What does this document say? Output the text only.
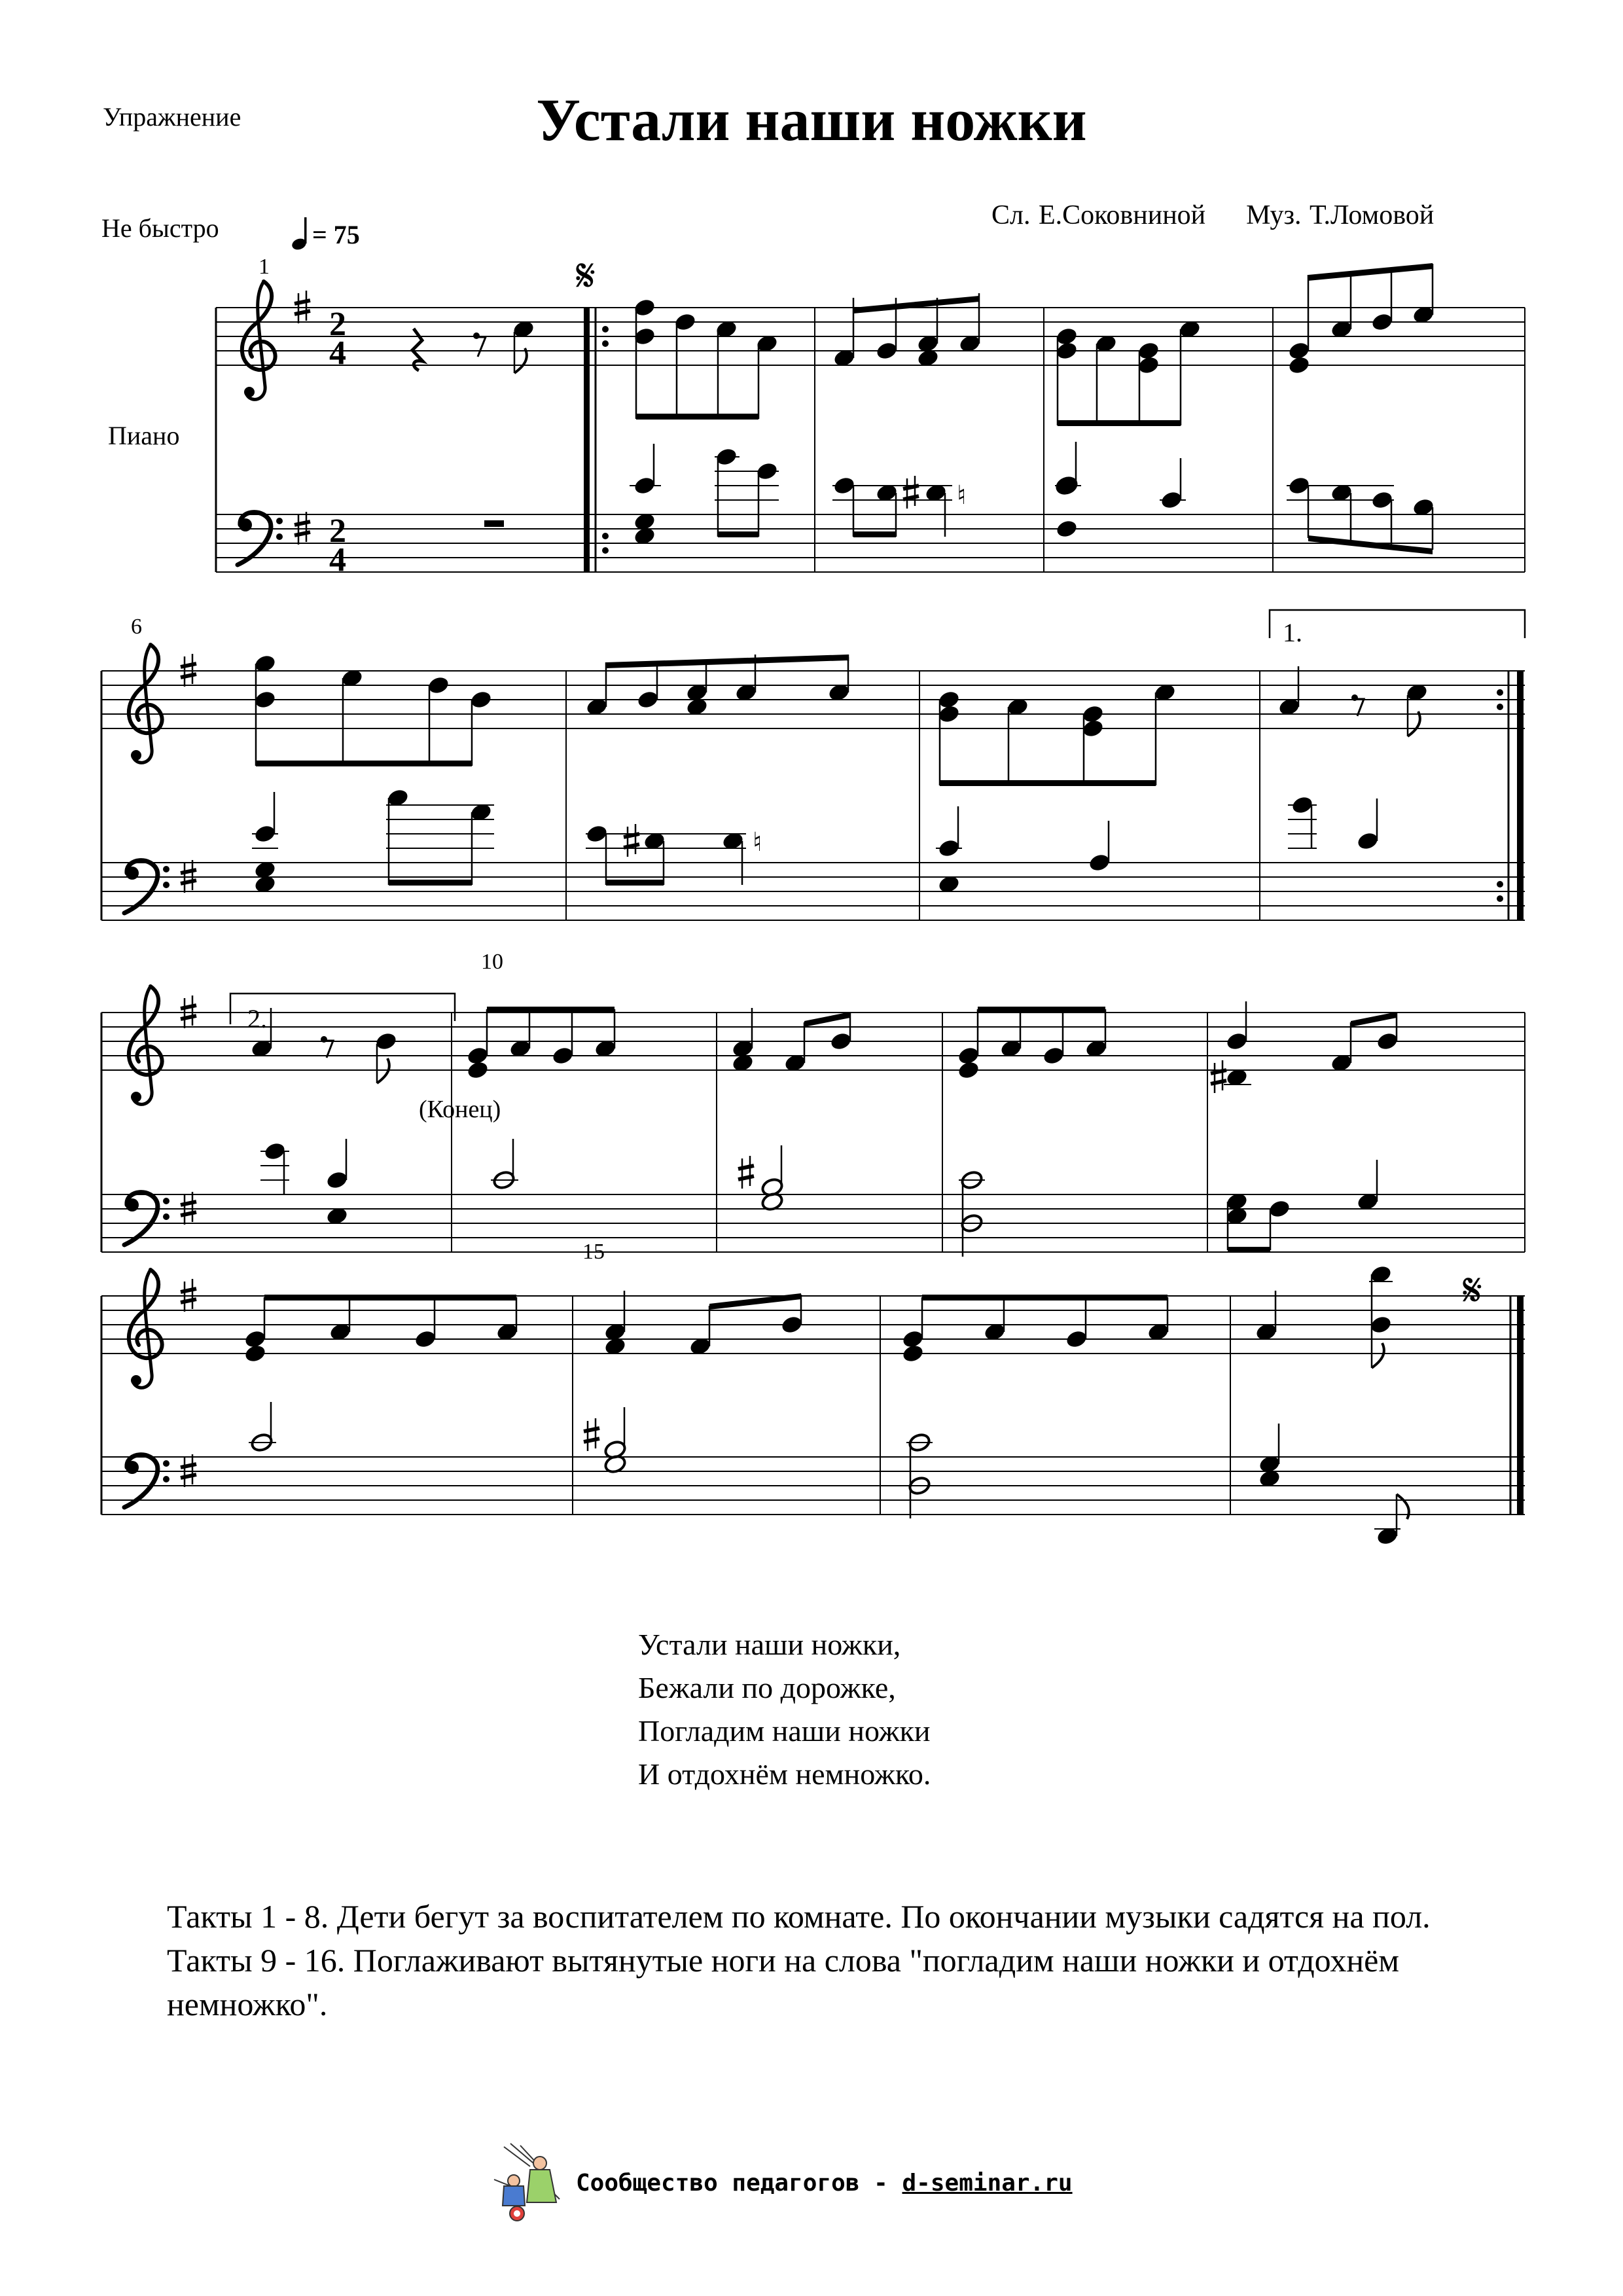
Упражнение	Устали наши ножки
Сл. Е.Соковниной Муз. Т.Ломовой
Не быстро	= 75
Пиано
2
4
2
4
1	𝄋
♮
6	1.
♮
2.
10
(Конец)
15
𝄋
Устали наши ножки,
Бежали по дорожке,
Погладим наши ножки
И отдохнём немножко.
Такты 1 - 8. Дети бегут за воспитателем по комнате. По окончании музыки садятся на пол.
Такты 9 - 16. Поглаживают вытянутые ноги на слова "погладим наши ножки и отдохнём немножко".
Сообщество педагогов - d-seminar.ru
